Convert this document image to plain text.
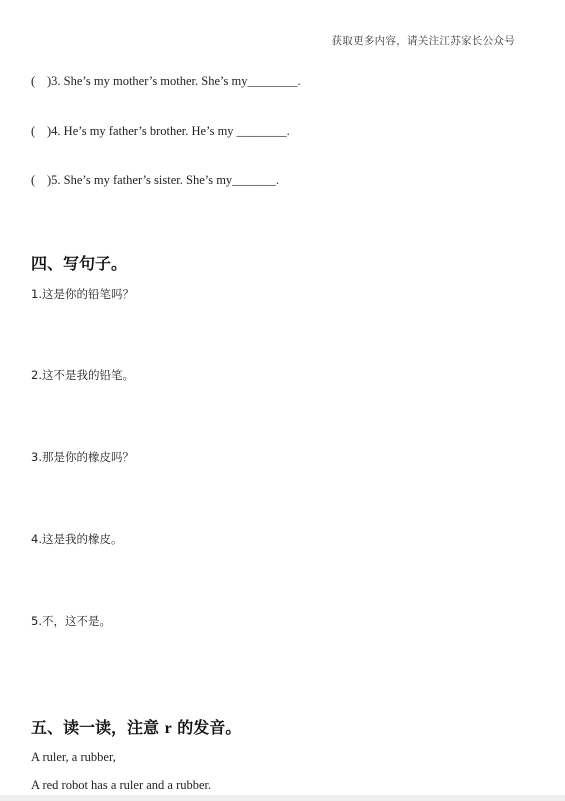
获取更多内容，请关注江苏家长公众号
( )3. She’s my mother’s mother. She’s my________.
( )4. He’s my father’s brother. He’s my ________.
( )5. She’s my father’s sister. She’s my_______.
四、写句子。
1.这是你的铅笔吗？
2.这不是我的铅笔。
3.那是你的橡皮吗？
4.这是我的橡皮。
5.不，这不是。
五、读一读，注意 r 的发音。
A ruler, a rubber,
A red robot has a ruler and a rubber.
